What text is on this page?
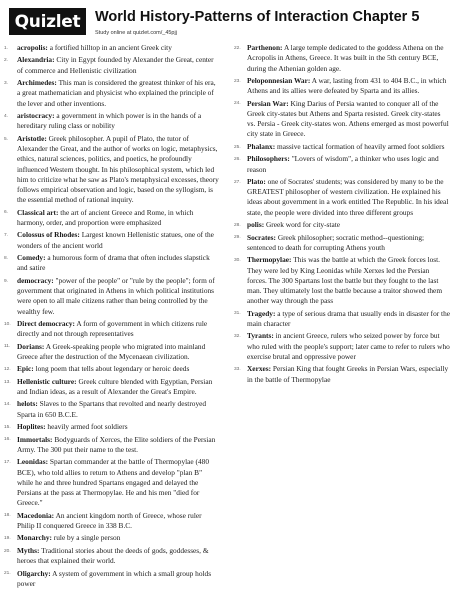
Quizlet World History-Patterns of Interaction Chapter 5
Study online at quizlet.com/_45pjj
1.	acropolis: a fortified hilltop in an ancient Greek city
2.	Alexandria: City in Egypt founded by Alexander the Great, center of commerce and Hellenistic civilization
3.	Archimedes: This man is considered the greatest thinker of his era, a great mathematician and physicist who explained the principle of the lever and other inventions.
4.	aristocracy: a government in which power is in the hands of a hereditary ruling class or nobility
5.	Aristotle: Greek philosopher. A pupil of Plato, the tutor of Alexander the Great, and the author of works on logic, metaphysics, ethics, natural sciences, politics, and poetics, he profoundly influenced Western thought. In his philosophical system, which led him to criticize what he saw as Plato's metaphysical excesses, theory follows empirical observation and logic, based on the syllogism, is the essential method of rational inquiry.
6.	Classical art: the art of ancient Greece and Rome, in which harmony, order, and proportion were emphasized
7.	Colossus of Rhodes: Largest known Hellenistic statues, one of the wonders of the ancient world
8.	Comedy: a humorous form of drama that often includes slapstick and satire
9.	democracy: "power of the people" or "rule by the people"; form of government that originated in Athens in which political institutions were open to all male citizens rather than being controlled by the wealthy few.
10. Direct democracy: A form of government in which citizens rule directly and not through representatives
11. Dorians: A Greek-speaking people who migrated into mainland Greece after the destruction of the Mycenaean civilization.
12. Epic: long poem that tells about legendary or heroic deeds
13. Hellenistic culture: Greek culture blended with Egyptian, Persian and Indian ideas, as a result of Alexander the Great's Empire.
14. helots: Slaves to the Spartans that revolted and nearly destroyed Sparta in 650 B.C.E.
15. Hoplites: heavily armed foot soldiers
16. Immortals: Bodyguards of Xerces, the Elite soldiers of the Persian Army. The 300 put their name to the test.
17. Leonidas: Spartan commander at the battle of Thermopylae (480 BCE), who told allies to return to Athens and develop "plan B" while he and three hundred Spartans engaged and delayed the Persians at the pass at Thermopylae. He and his men "died for Greece."
18. Macedonia: An ancient kingdom north of Greece, whose ruler Philip II conquered Greece in 338 B.C.
19. Monarchy: rule by a single person
20. Myths: Traditional stories about the deeds of gods, goddesses, & heroes that explained their world.
21. Oligarchy: A system of government in which a small group holds power
22. Parthenon: A large temple dedicated to the goddess Athena on the Acropolis in Athens, Greece. It was built in the 5th century BCE, during the Athenian golden age.
23. Peloponnesian War: A war, lasting from 431 to 404 B.C., in which Athens and its allies were defeated by Sparta and its allies.
24. Persian War: King Darius of Persia wanted to conquer all of the Greek city-states but Athens and Sparta resisted. Greek city-states vs. Persia - Greek city-states won. Athens emerged as most powerful city state in Greece.
25. Phalanx: massive tactical formation of heavily armed foot soldiers
26. Philosophers: "Lovers of wisdom", a thinker who uses logic and reason
27. Plato: one of Socrates' students; was considered by many to be the GREATEST philosopher of western civilization. He explained his ideas about government in a work entitled The Republic. In his ideal state, the people were divided into three different groups
28. polis: Greek word for city-state
29. Socrates: Greek philosopher; socratic method--questioning; sentenced to death for corrupting Athens youth
30. Thermopylae: This was the battle at which the Greek forces lost. They were led by King Leonidas while Xerxes led the Persian forces. The 300 Spartans lost the battle but they fought to the last man. They ultimately lost the battle because a traitor showed them another way through the pass
31. Tragedy: a type of serious drama that usually ends in disaster for the main character
32. Tyrants: in ancient Greece, rulers who seized power by force but who ruled with the people's support; later came to refer to rulers who exercise brutal and oppressive power
33. Xerxes: Persian King that fought Greeks in Persian Wars, especially in the battle of Thermopylae
